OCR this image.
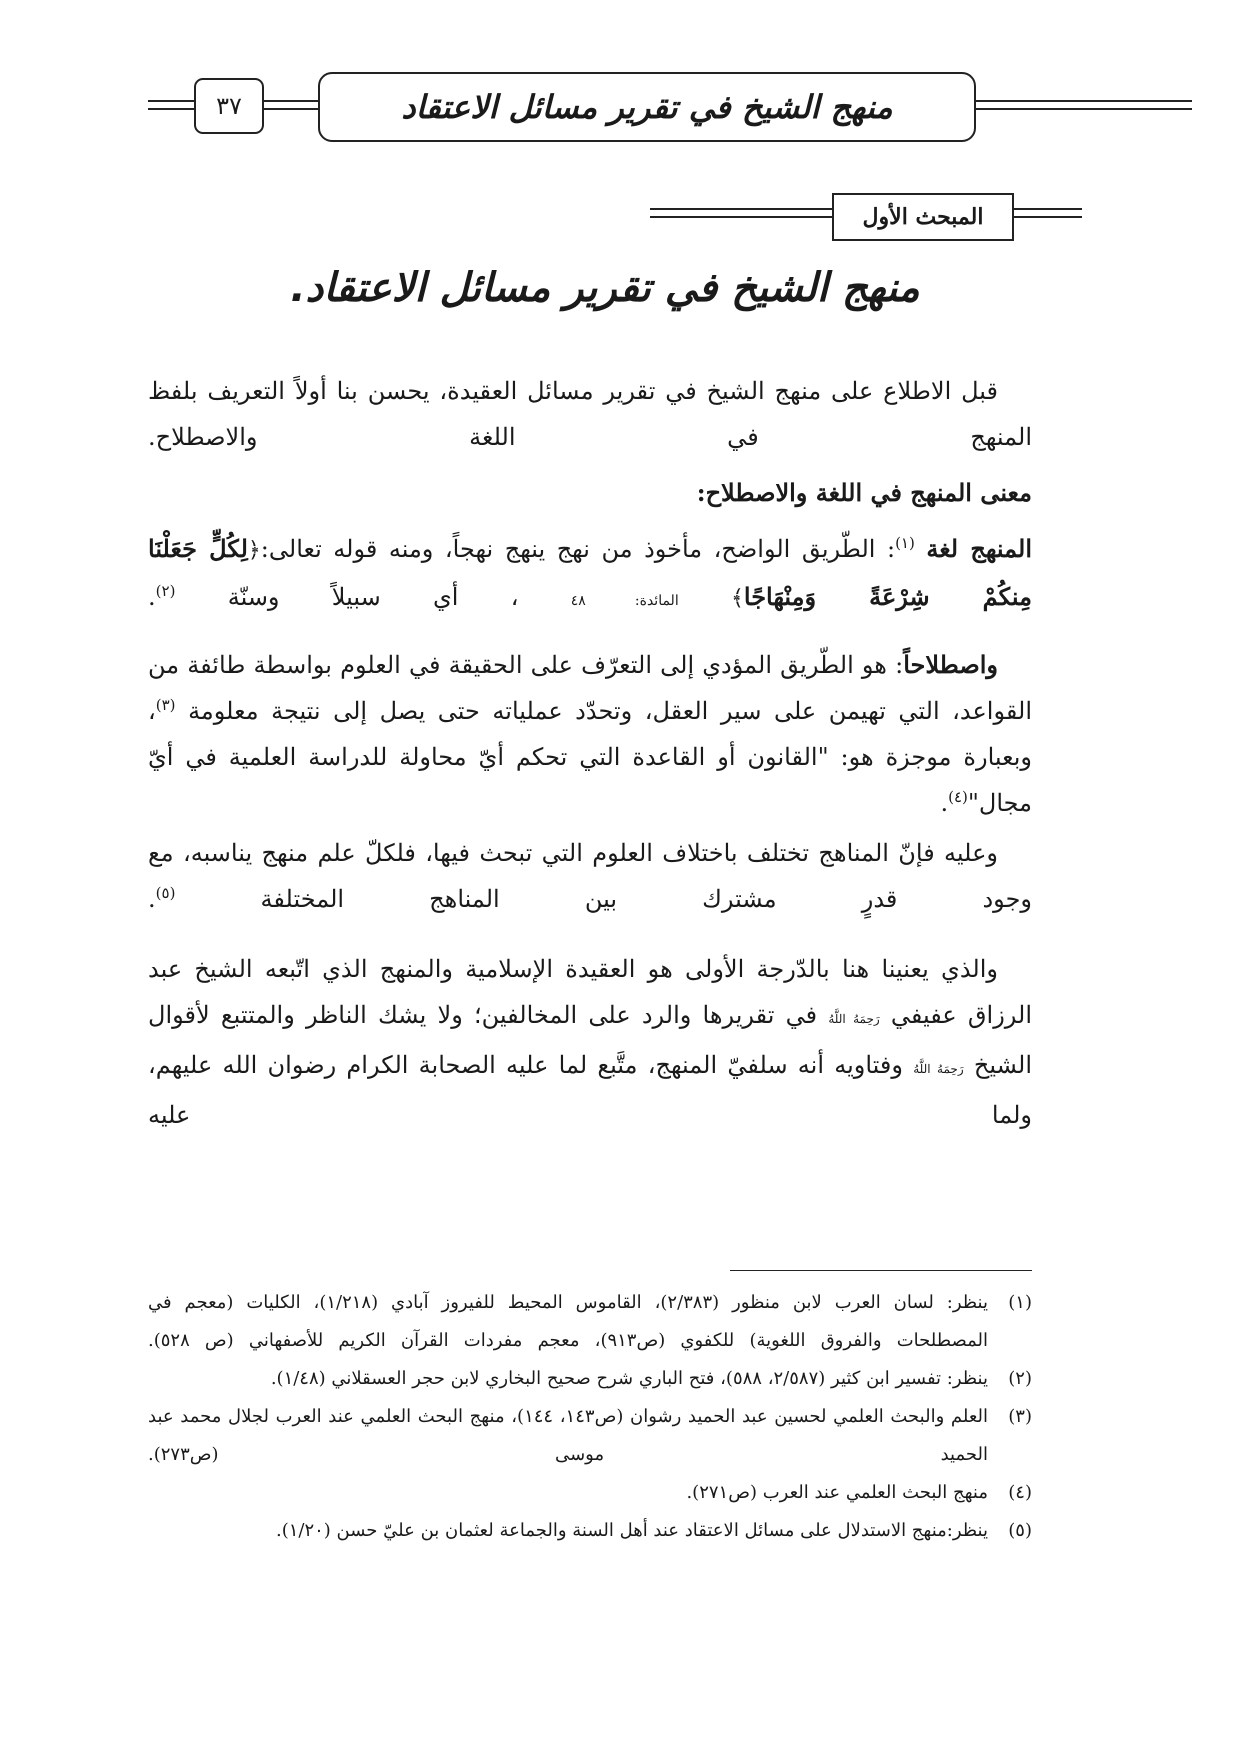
٣٧	منهج الشيخ في تقرير مسائل الاعتقاد
المبحث الأول
منهج الشيخ في تقرير مسائل الاعتقاد.

قبل الاطلاع على منهج الشيخ في تقرير مسائل العقيدة، يحسن بنا أولاً التعريف بلفظ المنهج في اللغة والاصطلاح.

معنى المنهج في اللغة والاصطلاح:

المنهج لغة $^{(١)}$: الطّريق الواضح، مأخوذ من نهج ينهج نهجاً، ومنه قوله تعالى:﴿لِكُلٍّ جَعَلْنَا مِنكُمْ شِرْعَةً وَمِنْهَاجًا﴾ المائدة: ٤٨ ، أي سبيلاً وسنّة $^{(٢)}$.

واصطلاحاً: هو الطّريق المؤدي إلى التعرّف على الحقيقة في العلوم بواسطة طائفة من القواعد، التي تهيمن على سير العقل، وتحدّد عملياته حتى يصل إلى نتيجة معلومة $^{(٣)}$، وبعبارة موجزة هو: "القانون أو القاعدة التي تحكم أيّ محاولة للدراسة العلمية في أيّ مجال"$^{(٤)}$.

وعليه فإنّ المناهج تختلف باختلاف العلوم التي تبحث فيها، فلكلّ علم منهج يناسبه، مع وجود قدرٍ مشترك بين المناهج المختلفة $^{(٥)}$.

والذي يعنينا هنا بالدّرجة الأولى هو العقيدة الإسلامية والمنهج الذي اتّبعه الشيخ عبد الرزاق عفيفي رَحِمَهُ اللَّهُ في تقريرها والرد على المخالفين؛ ولا يشك الناظر والمتتبع لأقوال الشيخ رَحِمَهُ اللَّهُ وفتاويه أنه سلفيّ المنهج، متَّبع لما عليه الصحابة الكرام رضوان الله عليهم، ولما عليه

(١)
ينظر: لسان العرب لابن منظور (٢/٣٨٣)، القاموس المحيط للفيروز آبادي (١/٢١٨)، الكليات (معجم في المصطلحات والفروق اللغوية) للكفوي (ص٩١٣)، معجم مفردات القرآن الكريم للأصفهاني (ص ٥٢٨).
(٢)
ينظر: تفسير ابن كثير (٢/٥٨٧، ٥٨٨)، فتح الباري شرح صحيح البخاري لابن حجر العسقلاني (١/٤٨).
(٣)
العلم والبحث العلمي لحسين عبد الحميد رشوان (ص١٤٣، ١٤٤)، منهج البحث العلمي عند العرب لجلال محمد عبد الحميد موسى (ص٢٧٣).
(٤)
منهج البحث العلمي عند العرب (ص٢٧١).
(٥)
ينظر:منهج الاستدلال على مسائل الاعتقاد عند أهل السنة والجماعة لعثمان بن عليّ حسن (١/٢٠).
